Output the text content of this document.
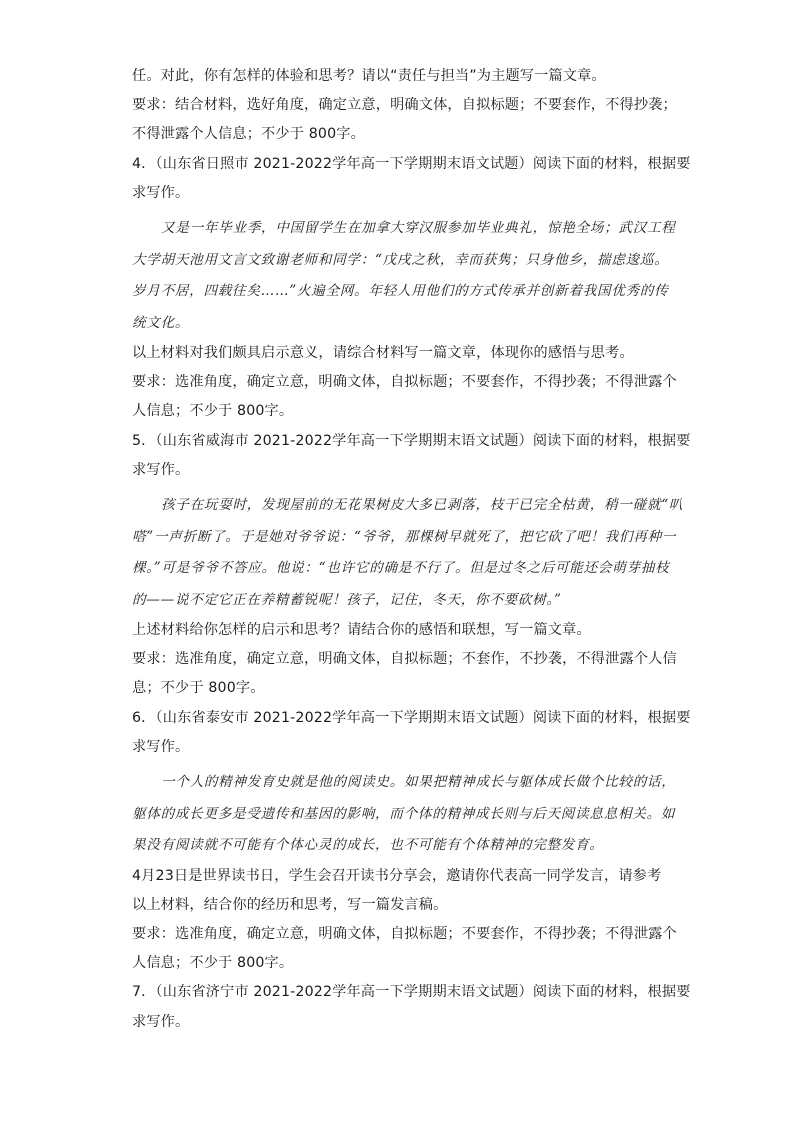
任。对此，你有怎样的体验和思考？请以“责任与担当”为主题写一篇文章。
要求：结合材料，选好角度，确定立意，明确文体，自拟标题；不要套作，不得抄袭；
不得泄露个人信息；不少于 800字。
4．（山东省日照市 2021-2022学年高一下学期期末语文试题）阅读下面的材料，根据要
求写作。
又是一年毕业季，中国留学生在加拿大穿汉服参加毕业典礼，惊艳全场；武汉工程
大学胡天池用文言文致谢老师和同学：“戊戌之秋，幸而获隽；只身他乡，揣虑逡巡。
岁月不居，四载往矣……”火遍全网。年轻人用他们的方式传承并创新着我国优秀的传
统文化。
以上材料对我们颇具启示意义，请综合材料写一篇文章，体现你的感悟与思考。
要求：选准角度，确定立意，明确文体，自拟标题；不要套作，不得抄袭；不得泄露个
人信息；不少于 800字。
5．（山东省威海市 2021-2022学年高一下学期期末语文试题）阅读下面的材料，根据要
求写作。
孩子在玩耍时，发现屋前的无花果树皮大多已剥落，枝干已完全枯黄，稍一碰就“叭
嗒”一声折断了。于是她对爷爷说：“爷爷，那棵树早就死了，把它砍了吧！我们再种一
棵。”可是爷爷不答应。他说：“也许它的确是不行了。但是过冬之后可能还会萌芽抽枝
的——说不定它正在养精蓄锐呢！孩子，记住，冬天，你不要砍树。”
上述材料给你怎样的启示和思考？请结合你的感悟和联想，写一篇文章。
要求：选准角度，确定立意，明确文体，自拟标题；不套作，不抄袭，不得泄露个人信
息；不少于 800字。
6．（山东省泰安市 2021-2022学年高一下学期期末语文试题）阅读下面的材料，根据要
求写作。
一个人的精神发育史就是他的阅读史。如果把精神成长与躯体成长做个比较的话，
躯体的成长更多是受遗传和基因的影响，而个体的精神成长则与后天阅读息息相关。如
果没有阅读就不可能有个体心灵的成长，也不可能有个体精神的完整发育。
4月23日是世界读书日，学生会召开读书分享会，邀请你代表高一同学发言，请参考
以上材料，结合你的经历和思考，写一篇发言稿。
要求：选准角度，确定立意，明确文体，自拟标题；不要套作，不得抄袭；不得泄露个
人信息；不少于 800字。
7．（山东省济宁市 2021-2022学年高一下学期期末语文试题）阅读下面的材料，根据要
求写作。
